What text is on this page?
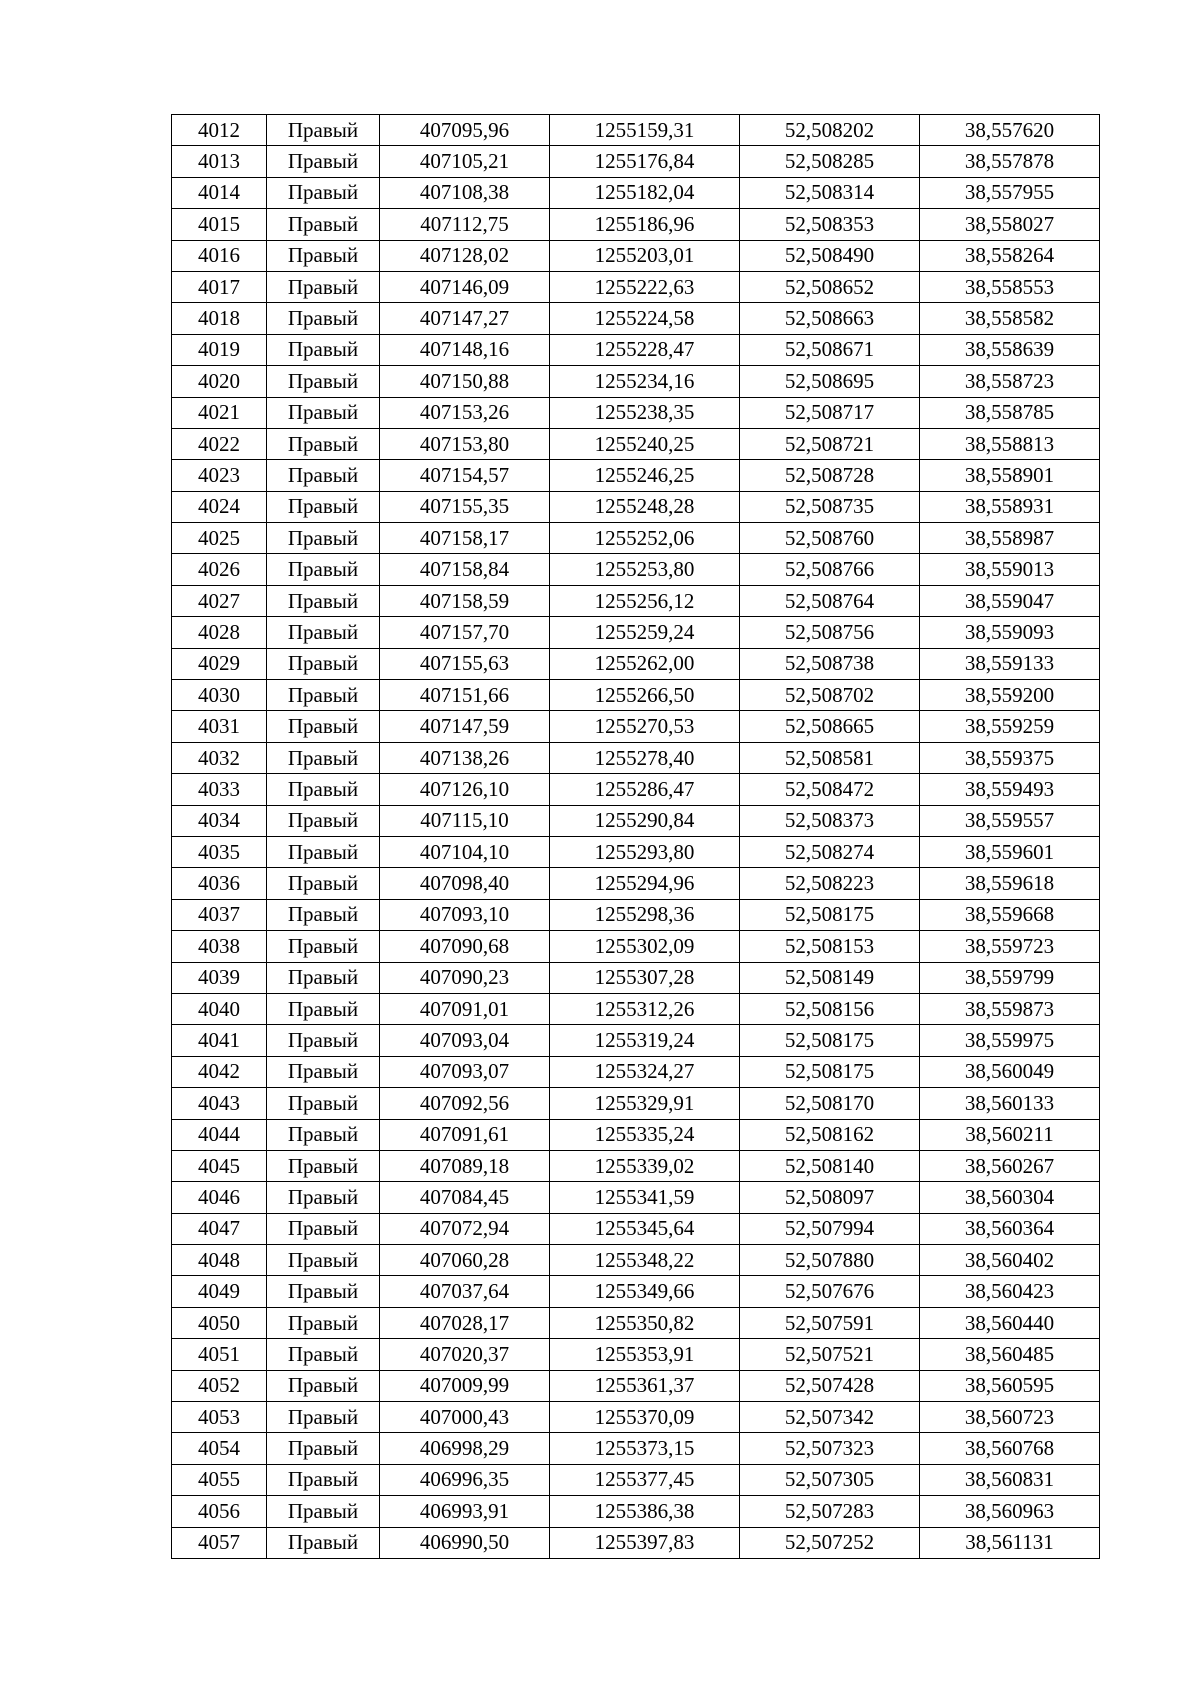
4012	Правый	407095,96	1255159,31	52,508202	38,557620
4013	Правый	407105,21	1255176,84	52,508285	38,557878
4014	Правый	407108,38	1255182,04	52,508314	38,557955
4015	Правый	407112,75	1255186,96	52,508353	38,558027
4016	Правый	407128,02	1255203,01	52,508490	38,558264
4017	Правый	407146,09	1255222,63	52,508652	38,558553
4018	Правый	407147,27	1255224,58	52,508663	38,558582
4019	Правый	407148,16	1255228,47	52,508671	38,558639
4020	Правый	407150,88	1255234,16	52,508695	38,558723
4021	Правый	407153,26	1255238,35	52,508717	38,558785
4022	Правый	407153,80	1255240,25	52,508721	38,558813
4023	Правый	407154,57	1255246,25	52,508728	38,558901
4024	Правый	407155,35	1255248,28	52,508735	38,558931
4025	Правый	407158,17	1255252,06	52,508760	38,558987
4026	Правый	407158,84	1255253,80	52,508766	38,559013
4027	Правый	407158,59	1255256,12	52,508764	38,559047
4028	Правый	407157,70	1255259,24	52,508756	38,559093
4029	Правый	407155,63	1255262,00	52,508738	38,559133
4030	Правый	407151,66	1255266,50	52,508702	38,559200
4031	Правый	407147,59	1255270,53	52,508665	38,559259
4032	Правый	407138,26	1255278,40	52,508581	38,559375
4033	Правый	407126,10	1255286,47	52,508472	38,559493
4034	Правый	407115,10	1255290,84	52,508373	38,559557
4035	Правый	407104,10	1255293,80	52,508274	38,559601
4036	Правый	407098,40	1255294,96	52,508223	38,559618
4037	Правый	407093,10	1255298,36	52,508175	38,559668
4038	Правый	407090,68	1255302,09	52,508153	38,559723
4039	Правый	407090,23	1255307,28	52,508149	38,559799
4040	Правый	407091,01	1255312,26	52,508156	38,559873
4041	Правый	407093,04	1255319,24	52,508175	38,559975
4042	Правый	407093,07	1255324,27	52,508175	38,560049
4043	Правый	407092,56	1255329,91	52,508170	38,560133
4044	Правый	407091,61	1255335,24	52,508162	38,560211
4045	Правый	407089,18	1255339,02	52,508140	38,560267
4046	Правый	407084,45	1255341,59	52,508097	38,560304
4047	Правый	407072,94	1255345,64	52,507994	38,560364
4048	Правый	407060,28	1255348,22	52,507880	38,560402
4049	Правый	407037,64	1255349,66	52,507676	38,560423
4050	Правый	407028,17	1255350,82	52,507591	38,560440
4051	Правый	407020,37	1255353,91	52,507521	38,560485
4052	Правый	407009,99	1255361,37	52,507428	38,560595
4053	Правый	407000,43	1255370,09	52,507342	38,560723
4054	Правый	406998,29	1255373,15	52,507323	38,560768
4055	Правый	406996,35	1255377,45	52,507305	38,560831
4056	Правый	406993,91	1255386,38	52,507283	38,560963
4057	Правый	406990,50	1255397,83	52,507252	38,561131
